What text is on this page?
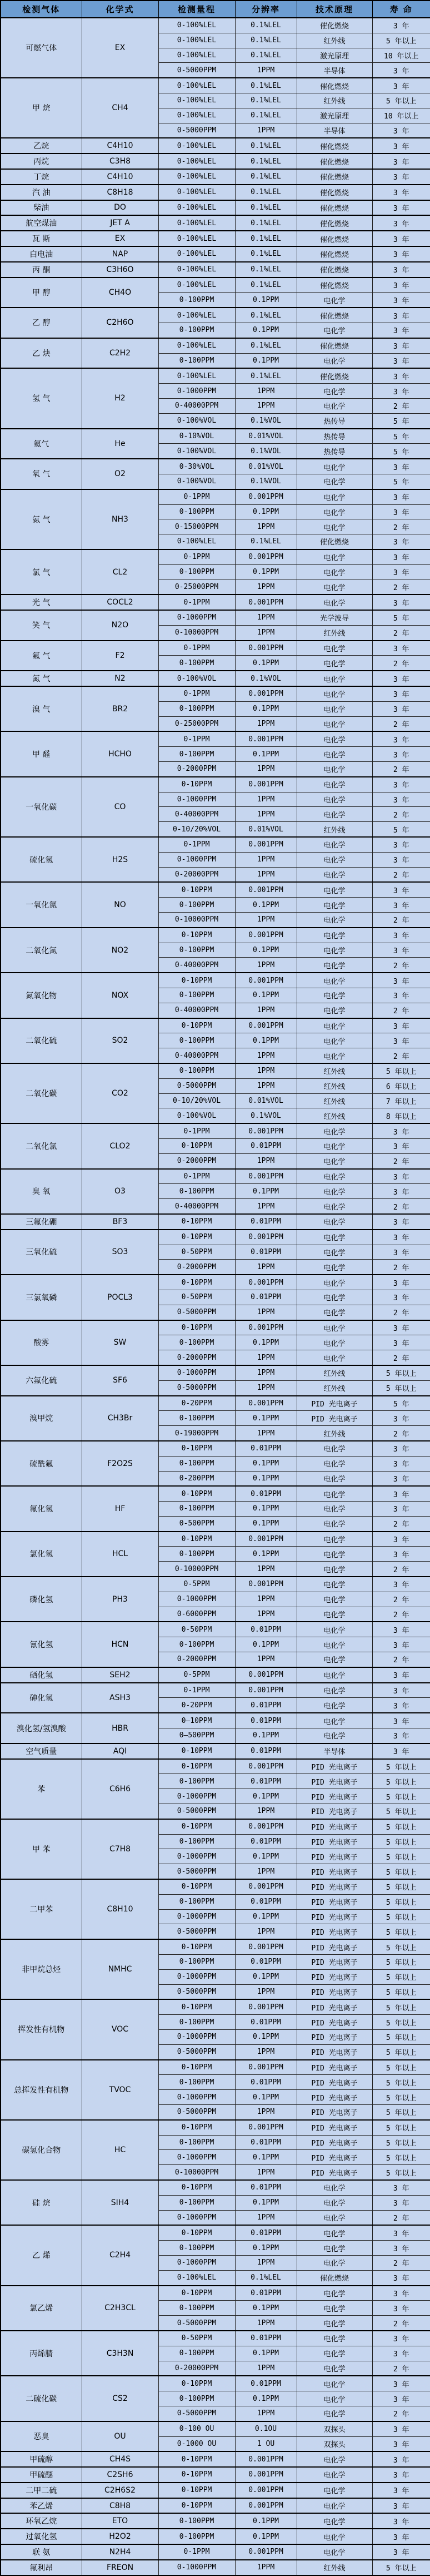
检测气体	化学式	检测量程	分辨率	技术原理	寿 命
可燃气体	EX	0-100%LEL	0.1%LEL	催化燃烧	3 年
		0-100%LEL	0.1%LEL	红外线	5 年以上
		0-100%LEL	0.1%LEL	激光原理	10 年以上
		0-5000PPM	1PPM	半导体	3 年
甲 烷	CH4	0-100%LEL	0.1%LEL	催化燃烧	3 年
		0-100%LEL	0.1%LEL	红外线	5 年以上
		0-100%LEL	0.1%LEL	激光原理	10 年以上
		0-5000PPM	1PPM	半导体	3 年
乙烷	C4H10	0-100%LEL	0.1%LEL	催化燃烧	3 年
丙烷	C3H8	0-100%LEL	0.1%LEL	催化燃烧	3 年
丁烷	C4H10	0-100%LEL	0.1%LEL	催化燃烧	3 年
汽 油	C8H18	0-100%LEL	0.1%LEL	催化燃烧	3 年
柴油	DO	0-100%LEL	0.1%LEL	催化燃烧	3 年
航空煤油	JET A	0-100%LEL	0.1%LEL	催化燃烧	3 年
瓦 斯	EX	0-100%LEL	0.1%LEL	催化燃烧	3 年
白电油	NAP	0-100%LEL	0.1%LEL	催化燃烧	3 年
丙 酮	C3H6O	0-100%LEL	0.1%LEL	催化燃烧	3 年
甲 醇	CH4O	0-100%LEL	0.1%LEL	催化燃烧	3 年
		0-100PPM	0.1PPM	电化学	3 年
乙 醇	C2H6O	0-100%LEL	0.1%LEL	催化燃烧	3 年
		0-100PPM	0.1PPM	电化学	3 年
乙 炔	C2H2	0-100%LEL	0.1%LEL	催化燃烧	3 年
		0-100PPM	0.1PPM	电化学	3 年
氢 气	H2	0-100%LEL	0.1%LEL	催化燃烧	3 年
		0-1000PPM	1PPM	电化学	3 年
		0-40000PPM	1PPM	电化学	2 年
		0-100%VOL	0.1%VOL	热传导	5 年
氦气	He	0-10%VOL	0.01%VOL	热传导	5 年
		0-100%VOL	0.1%VOL	热传导	5 年
氧 气	O2	0-30%VOL	0.01%VOL	电化学	3 年
		0-100%VOL	0.1%VOL	电化学	5 年
氨 气	NH3	0-1PPM	0.001PPM	电化学	3 年
		0-100PPM	0.1PPM	电化学	3 年
		0-15000PPM	1PPM	电化学	2 年
		0-100%LEL	0.1%LEL	催化燃烧	3 年
氯 气	CL2	0-1PPM	0.001PPM	电化学	3 年
		0-100PPM	0.1PPM	电化学	3 年
		0-25000PPM	1PPM	电化学	2 年
光 气	COCL2	0-1PPM	0.001PPM	电化学	3 年
笑 气	N2O	0-1000PPM	1PPM	光学波导	5 年
		0-10000PPM	1PPM	红外线	2 年
氟 气	F2	0-1PPM	0.001PPM	电化学	3 年
		0-100PPM	0.1PPM	电化学	2 年
氮 气	N2	0-100%VOL	0.1%VOL	电化学	3 年
溴 气	BR2	0-1PPM	0.001PPM	电化学	3 年
		0-100PPM	0.1PPM	电化学	3 年
		0-25000PPM	1PPM	电化学	2 年
甲 醛	HCHO	0-1PPM	0.001PPM	电化学	3 年
		0-100PPM	0.1PPM	电化学	3 年
		0-2000PPM	1PPM	电化学	2 年
一氧化碳	CO	0-10PPM	0.001PPM	电化学	3 年
		0-1000PPM	1PPM	电化学	3 年
		0-40000PPM	1PPM	电化学	2 年
		0-10/20%VOL	0.01%VOL	红外线	5 年
硫化氢	H2S	0-1PPM	0.001PPM	电化学	3 年
		0-1000PPM	1PPM	电化学	3 年
		0-20000PPM	1PPM	电化学	2 年
一氧化氮	NO	0-10PPM	0.001PPM	电化学	3 年
		0-100PPM	0.1PPM	电化学	3 年
		0-10000PPM	1PPM	电化学	2 年
二氧化氮	NO2	0-10PPM	0.001PPM	电化学	3 年
		0-100PPM	0.1PPM	电化学	3 年
		0-40000PPM	1PPM	电化学	2 年
氮氧化物	NOX	0-10PPM	0.001PPM	电化学	3 年
		0-100PPM	0.1PPM	电化学	3 年
		0-40000PPM	1PPM	电化学	2 年
二氧化硫	SO2	0-10PPM	0.001PPM	电化学	3 年
		0-100PPM	0.1PPM	电化学	3 年
		0-40000PPM	1PPM	电化学	2 年
二氧化碳	CO2	0-100PPM	1PPM	红外线	5 年以上
		0-5000PPM	1PPM	红外线	6 年以上
		0-10/20%VOL	0.01%VOL	红外线	7 年以上
		0-100%VOL	0.1%VOL	红外线	8 年以上
二氧化氯	CLO2	0-1PPM	0.001PPM	电化学	3 年
		0-10PPM	0.01PPM	电化学	3 年
		0-2000PPM	1PPM	电化学	2 年
臭 氧	O3	0-1PPM	0.001PPM	电化学	3 年
		0-100PPM	0.1PPM	电化学	3 年
		0-40000PPM	1PPM	电化学	2 年
三氟化硼	BF3	0-10PPM	0.01PPM	电化学	3 年
三氧化硫	SO3	0-10PPM	0.001PPM	电化学	3 年
		0-50PPM	0.01PPM	电化学	3 年
		0-2000PPM	1PPM	电化学	2 年
三氯氧磷	POCL3	0-10PPM	0.001PPM	电化学	3 年
		0-50PPM	0.01PPM	电化学	3 年
		0-5000PPM	1PPM	电化学	2 年
酸雾	SW	0-10PPM	0.001PPM	电化学	3 年
		0-100PPM	0.1PPM	电化学	3 年
		0-2000PPM	1PPM	电化学	2 年
六氟化硫	SF6	0-1000PPM	1PPM	红外线	5 年以上
		0-5000PPM	1PPM	红外线	5 年以上
溴甲烷	CH3Br	0-20PPM	0.001PPM	PID 光电离子	5 年
		0-100PPM	0.1PPM	PID 光电离子	3 年
		0-19000PPM	1PPM	红外线	2 年
硫酰氟	F2O2S	0-10PPM	0.01PPM	电化学	3 年
		0-100PPM	0.1PPM	电化学	3 年
		0-200PPM	0.1PPM	电化学	3 年
氟化氢	HF	0-10PPM	0.01PPM	电化学	3 年
		0-100PPM	0.1PPM	电化学	3 年
		0-500PPM	0.1PPM	电化学	2 年
氯化氢	HCL	0-10PPM	0.001PPM	电化学	3 年
		0-100PPM	0.1PPM	电化学	3 年
		0-10000PPM	1PPM	电化学	2 年
磷化氢	PH3	0-5PPM	0.001PPM	电化学	3 年
		0-1000PPM	1PPM	电化学	2 年
		0-6000PPM	1PPM	电化学	2 年
氰化氢	HCN	0-50PPM	0.01PPM	电化学	3 年
		0-100PPM	0.1PPM	电化学	3 年
		0-2000PPM	1PPM	电化学	2 年
硒化氢	SEH2	0-5PPM	0.001PPM	电化学	3 年
砷化氢	ASH3	0-1PPM	0.001PPM	电化学	3 年
		0-20PPM	0.01PPM	电化学	3 年
溴化氢/氢溴酸	HBR	0—10PPM	0.01PPM	电化学	3 年
		0—500PPM	0.1PPM	电化学	3 年
空气质量	AQI	0-10PPM	0.01PPM	半导体	3 年
苯	C6H6	0-10PPM	0.001PPM	PID 光电离子	5 年以上
		0-100PPM	0.01PPM	PID 光电离子	5 年以上
		0-1000PPM	0.1PPM	PID 光电离子	5 年以上
		0-5000PPM	1PPM	PID 光电离子	5 年以上
甲 苯	C7H8	0-10PPM	0.001PPM	PID 光电离子	5 年以上
		0-100PPM	0.01PPM	PID 光电离子	5 年以上
		0-1000PPM	0.1PPM	PID 光电离子	5 年以上
		0-5000PPM	1PPM	PID 光电离子	5 年以上
二甲苯	C8H10	0-10PPM	0.001PPM	PID 光电离子	5 年以上
		0-100PPM	0.01PPM	PID 光电离子	5 年以上
		0-1000PPM	0.1PPM	PID 光电离子	5 年以上
		0-5000PPM	1PPM	PID 光电离子	5 年以上
非甲烷总烃	NMHC	0-10PPM	0.001PPM	PID 光电离子	5 年以上
		0-100PPM	0.01PPM	PID 光电离子	5 年以上
		0-1000PPM	0.1PPM	PID 光电离子	5 年以上
		0-5000PPM	1PPM	PID 光电离子	5 年以上
挥发性有机物	VOC	0-10PPM	0.001PPM	PID 光电离子	5 年以上
		0-100PPM	0.01PPM	PID 光电离子	5 年以上
		0-1000PPM	0.1PPM	PID 光电离子	5 年以上
		0-5000PPM	1PPM	PID 光电离子	5 年以上
总挥发性有机物	TVOC	0-10PPM	0.001PPM	PID 光电离子	5 年以上
		0-100PPM	0.01PPM	PID 光电离子	5 年以上
		0-1000PPM	0.1PPM	PID 光电离子	5 年以上
		0-5000PPM	1PPM	PID 光电离子	5 年以上
碳氢化合物	HC	0-10PPM	0.001PPM	PID 光电离子	5 年以上
		0-100PPM	0.01PPM	PID 光电离子	5 年以上
		0-1000PPM	0.1PPM	PID 光电离子	5 年以上
		0-10000PPM	1PPM	PID 光电离子	5 年以上
硅 烷	SIH4	0-10PPM	0.01PPM	电化学	3 年
		0-100PPM	0.1PPM	电化学	3 年
		0-1000PPM	1PPM	电化学	2 年
乙 烯	C2H4	0-10PPM	0.01PPM	电化学	3 年
		0-100PPM	0.1PPM	电化学	3 年
		0-1000PPM	1PPM	电化学	2 年
		0-100%LEL	0.1%LEL	催化燃烧	3 年
氯乙烯	C2H3CL	0-10PPM	0.01PPM	电化学	3 年
		0-100PPM	0.1PPM	电化学	3 年
		0-5000PPM	1PPM	电化学	2 年
丙烯腈	C3H3N	0-50PPM	0.01PPM	电化学	3 年
		0-100PPM	0.1PPM	电化学	3 年
		0-20000PPM	1PPM	电化学	2 年
二硫化碳	CS2	0-10PPM	0.01PPM	电化学	3 年
		0-100PPM	0.1PPM	电化学	3 年
		0-5000PPM	1PPM	电化学	2 年
恶臭	OU	0-100 OU	0.1OU	双探头	3 年
		0-1000 OU	1 OU	双探头	3 年
甲硫醇	CH4S	0-10PPM	0.001PPM	电化学	3 年
甲硫醚	C2SH6	0-10PPM	0.001PPM	电化学	3 年
二甲二硫	C2H6S2	0-10PPM	0.001PPM	电化学	3 年
苯乙烯	C8H8	0-10PPM	0.001PPM	电化学	3 年
环氧乙烷	ETO	0-100PPM	0.1PPM	电化学	3 年
过氧化氢	H2O2	0-100PPM	0.1PPM	电化学	3 年
联 氨	N2H4	0-1PPM	0.001PPM	电化学	3 年
氟利昂	FREON	0-1000PPM	1PPM	红外线	5 年以上
